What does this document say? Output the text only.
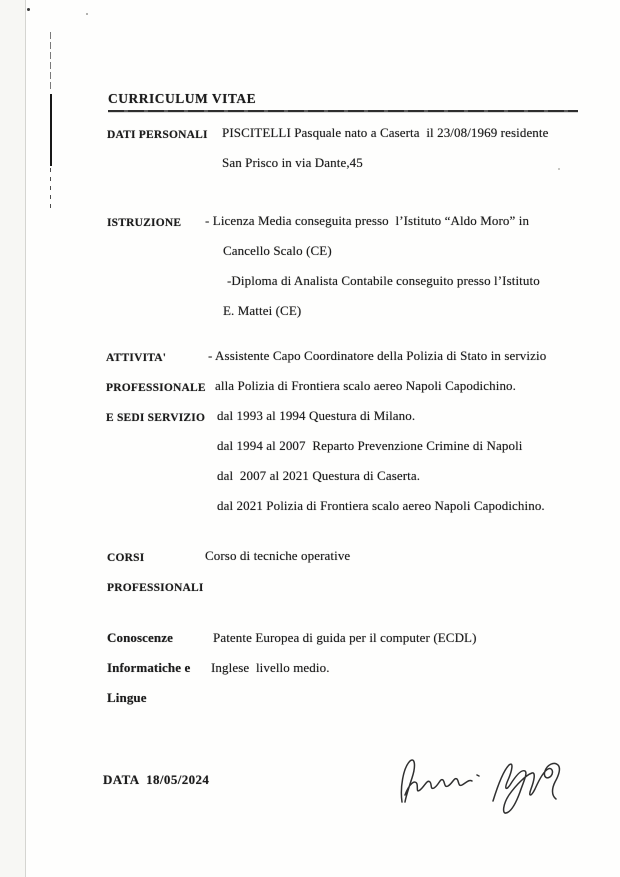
CURRICULUM VITAE
DATI PERSONALI PISCITELLI Pasquale nato a Caserta  il 23/08/1969 residente
San Prisco in via Dante,45
ISTRUZIONE - Licenza Media conseguita presso  l’Istituto “Aldo Moro” in
Cancello Scalo (CE)
-Diploma di Analista Contabile conseguito presso l’Istituto
E. Mattei (CE)
ATTIVITA'
PROFESSIONALE
E SEDI SERVIZIO
- Assistente Capo Coordinatore della Polizia di Stato in servizio
alla Polizia di Frontiera scalo aereo Napoli Capodichino.
dal 1993 al 1994 Questura di Milano.
dal 1994 al 2007  Reparto Prevenzione Crimine di Napoli
dal  2007 al 2021 Questura di Caserta.
dal 2021 Polizia di Frontiera scalo aereo Napoli Capodichino.
CORSI
PROFESSIONALI
Corso di tecniche operative
Conoscenze
Informatiche e
Lingue
Patente Europea di guida per il computer (ECDL)
Inglese  livello medio.
DATA 18/05/2024
